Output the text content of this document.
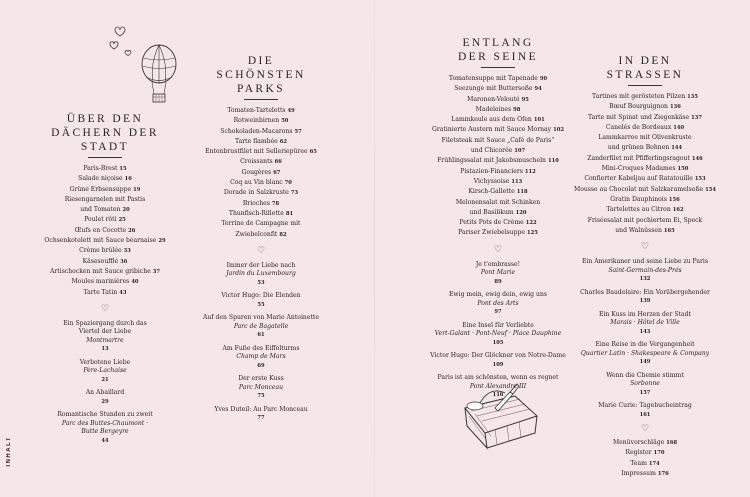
INHALT
ÜBER DEN
DÄCHERN DER
STADT
Paris-Brest 15
Salade niçoise 16
Grüne Erbsensuppe 19
Riesengarnelen mit Pastis
und Tomaten 20
Poulet rôti 25
Œufs en Cocotte 26
Ochsenkotelett mit Sauce béarnaise 29
Crème brûlée 33
Käsesoufflé 36
Artischocken mit Sauce gribiche 37
Moules marinières 40
Tarte Tatin 43
♡
Ein Spaziergang durch das
Viertel der Liebe
Montmartre
13
Verbotene Liebe
Père-Lachaise
21
An Abaillard
29
Romantische Stunden zu zweit
Parc des Buttes-Chaumont ·
Butte Bergeyre
44
DIE
SCHÖNSTEN
PARKS
Tomaten-Tarteletts 49
Rotweinbirnen 50
Schokoladen-Macarons 57
Tarte flambée 62
Entenbrustfilet mit Selleriepüree 65
Croissants 66
Gougères 67
Coq au Vin blanc 70
Dorade in Salzkruste 73
Brioches 78
Thunfisch-Rillette 81
Terrine de Campagne mit
Zwiebelconfit 82
♡
Immer der Liebe nach
Jardin du Luxembourg
53
Victor Hugo: Die Elenden
55
Auf den Spuren von Marie Antoinette
Parc de Bagatelle
61
Am Fuße des Eiffelturms
Champ de Mars
69
Der erste Kuss
Parc Monceau
75
Yves Duteil: Au Parc Monceau
77
ENTLANG
DER SEINE
Tomatensuppe mit Tapenade 90
Seezunge mit Buttersoße 94
Maronen-Velouté 95
Madeleines 98
Lammkeule aus dem Ofen 101
Gratinierte Austern mit Sauce Mornay 102
Filetsteak mit Sauce „Café de Paris“
und Chicorée 107
Frühlingssalat mit Jakobsmuscheln 110
Pistazien-Financiers 112
Vichyssoise 113
Kirsch-Gallette 118
Melonensalat mit Schinken
und Basilikum 120
Petits Pots de Crème 122
Pariser Zwiebelsuppe 125
♡
Je t'embrasse!
Pont Marie
89
Ewig mein, ewig dein, ewig uns
Pont des Arts
97
Eine Insel für Verliebte
Vert-Galant · Pont-Neuf · Place Dauphine
105
Victor Hugo: Der Glöckner von Notre-Dame
109
Paris ist am schönsten, wenn es regnet
Pont Alexandre III
116
IN DEN
STRASSEN
Tartines mit gerösteten Pilzen 135
Bœuf Bourguignon 136
Tarte mit Spinat und Ziegenkäse 137
Canelés de Bordeaux 140
Lammkarree mit Olivenkruste
und grünen Bohnen 144
Zanderfilet mit Pfifferlingsragout 146
Mini-Croques Madames 150
Confierter Kabeljau auf Ratatouille 153
Mousse au Chocolat mit Salzkaramelsoße 154
Gratin Dauphinois 156
Tartelettes au Citron 162
Friséesalat mit pochiertem Ei, Speck
und Walnüssen 165
♡
Ein Amerikaner und seine Liebe zu Paris
Saint-Germain-des-Prés
132
Charles Baudelaire: Ein Vorübergehender
139
Ein Kuss im Herzen der Stadt
Marais · Hôtel de Ville
143
Eine Reise in die Vergangenheit
Quartier Latin · Shakespeare & Company
149
Wenn die Chemie stimmt
Sorbonne
157
Marie Curie: Tagebucheintrag
161
♡
Menüvorschläge 168
Register 170
Team 174
Impressum 176
